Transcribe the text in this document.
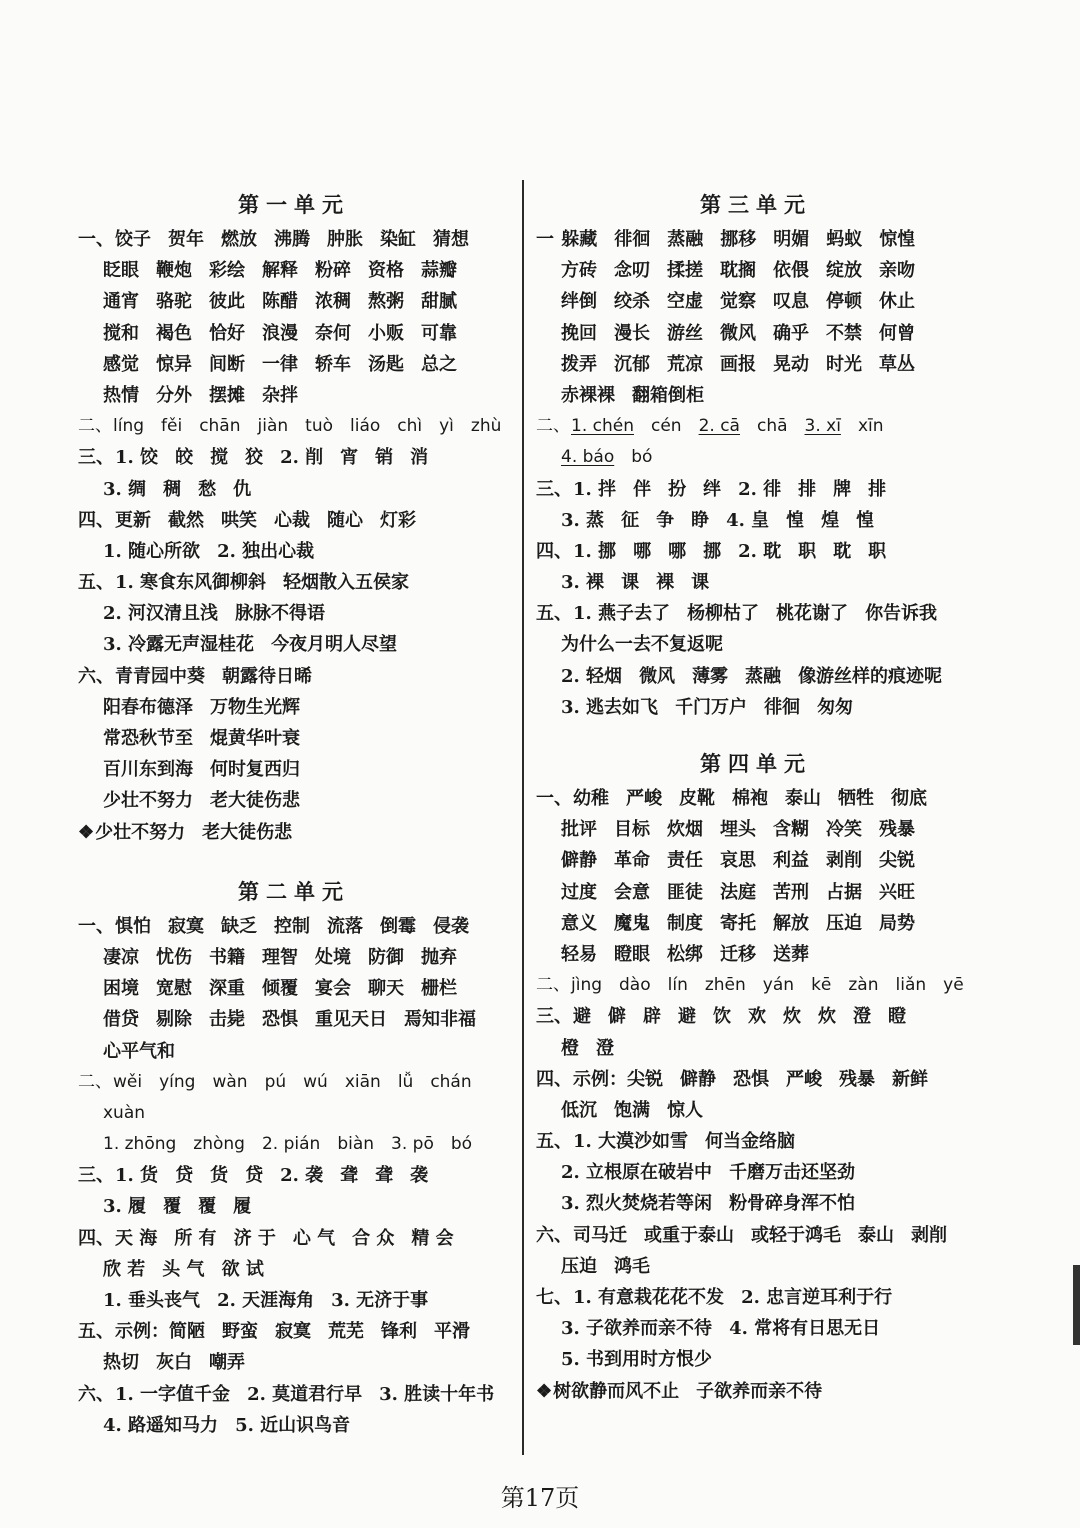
第一单元
一、饺子 贺年 燃放 沸腾 肿胀 染缸 猜想
眨眼 鞭炮 彩绘 解释 粉碎 资格 蒜瓣
通宵 骆驼 彼此 陈醋 浓稠 熬粥 甜腻
搅和 褐色 恰好 浪漫 奈何 小贩 可靠
感觉 惊异 间断 一律 轿车 汤匙 总之
热情 分外 摆摊 杂拌
二、líng fěi chān jiàn tuò liáo chì yì zhù
三、1. 饺 皎 搅 狡 2. 削 宵 销 消
3. 绸 稠 愁 仇
四、更新 截然 哄笑 心裁 随心 灯彩
1. 随心所欲 2. 独出心裁
五、1. 寒食东风御柳斜 轻烟散入五侯家
2. 河汉清且浅 脉脉不得语
3. 冷露无声湿桂花 今夜月明人尽望
六、青青园中葵 朝露待日晞
阳春布德泽 万物生光辉
常恐秋节至 焜黄华叶衰
百川东到海 何时复西归
少壮不努力 老大徒伤悲
❖少壮不努力 老大徒伤悲
第二单元
一、惧怕 寂寞 缺乏 控制 流落 倒霉 侵袭
凄凉 忧伤 书籍 理智 处境 防御 抛弃
困境 宽慰 深重 倾覆 宴会 聊天 栅栏
借贷 剔除 击毙 恐惧 重见天日 焉知非福
心平气和
二、wěi yíng wàn pú wú xiān lǚ chán
xuàn
1. zhōng zhòng 2. pián biàn 3. pō bó
三、1. 货 贷 货 贷 2. 袭 聋 聋 袭
3. 履 覆 覆 履
四、天 海 所 有 济 于 心 气 合 众 精 会
欣 若 头 气 欲 试
1. 垂头丧气 2. 天涯海角 3. 无济于事
五、示例：简陋 野蛮 寂寞 荒芜 锋利 平滑
热切 灰白 嘲弄
六、1. 一字值千金 2. 莫道君行早 3. 胜读十年书
4. 路遥知马力 5. 近山识鸟音
第三单元
一 躲藏 徘徊 蒸融 挪移 明媚 蚂蚁 惊惶
方砖 念叨 揉搓 耽搁 依偎 绽放 亲吻
绊倒 绞杀 空虚 觉察 叹息 停顿 休止
挽回 漫长 游丝 微风 确乎 不禁 何曾
拨弄 沉郁 荒凉 画报 晃动 时光 草丛
赤裸裸 翻箱倒柜
二、1. chén cén 2. cā chā 3. xī xīn
4. báo bó
三、1. 拌 伴 扮 绊 2. 徘 排 牌 排
3. 蒸 征 争 睁 4. 皇 惶 煌 惶
四、1. 挪 哪 哪 挪 2. 耽 职 耽 职
3. 裸 课 裸 课
五、1. 燕子去了 杨柳枯了 桃花谢了 你告诉我
为什么一去不复返呢
2. 轻烟 微风 薄雾 蒸融 像游丝样的痕迹呢
3. 逃去如飞 千门万户 徘徊 匆匆
第四单元
一、幼稚 严峻 皮靴 棉袍 泰山 牺牲 彻底
批评 目标 炊烟 埋头 含糊 冷笑 残暴
僻静 革命 责任 哀思 利益 剥削 尖锐
过度 会意 匪徒 法庭 苦刑 占据 兴旺
意义 魔鬼 制度 寄托 解放 压迫 局势
轻易 瞪眼 松绑 迁移 送葬
二、jìng dào lín zhēn yán kē zàn liǎn yē
三、避 僻 辟 避 饮 欢 炊 炊 澄 瞪
橙 澄
四、示例：尖锐 僻静 恐惧 严峻 残暴 新鲜
低沉 饱满 惊人
五、1. 大漠沙如雪 何当金络脑
2. 立根原在破岩中 千磨万击还坚劲
3. 烈火焚烧若等闲 粉骨碎身浑不怕
六、司马迁 或重于泰山 或轻于鸿毛 泰山 剥削
压迫 鸿毛
七、1. 有意栽花花不发 2. 忠言逆耳利于行
3. 子欲养而亲不待 4. 常将有日思无日
5. 书到用时方恨少
❖树欲静而风不止 子欲养而亲不待
第17页
